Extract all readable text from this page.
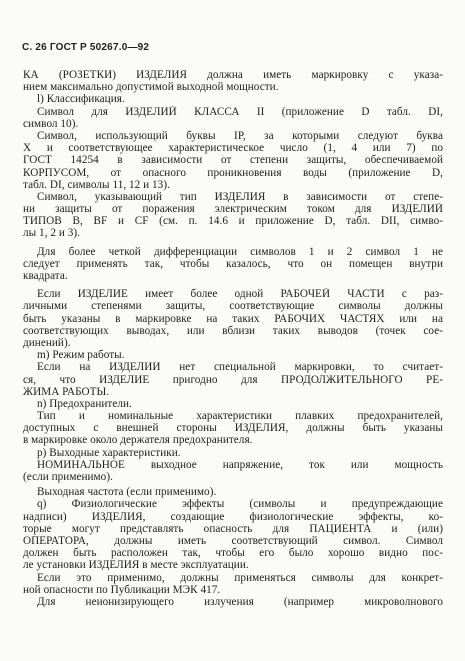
С. 26 ГОСТ Р 50267.0—92
КА (РОЗЕТКИ) ИЗДЕЛИЯ должна иметь маркировку с указа-
нием максимально допустимой выходной мощности.
l) Классификация.
Символ для ИЗДЕЛИЙ КЛАССА II (приложение D табл. DI,
символ 10).
Символ, использующий буквы IP, за которыми следуют буква
X и соответствующее характеристическое число (1, 4 или 7) по
ГОСТ 14254 в зависимости от степени защиты, обеспечиваемой
КОРПУСОМ, от опасного проникновения воды (приложение D,
табл. DI, символы 11, 12 и 13).
Символ, указывающий тип ИЗДЕЛИЯ в зависимости от степе-
ни защиты от поражения электрическим током для ИЗДЕЛИЙ
ТИПОВ B, BF и CF (см. п. 14.6 и приложение D, табл. DII, симво-
лы 1, 2 и 3).
Для более четкой дифференциации символов 1 и 2 символ 1 не
следует применять так, чтобы казалось, что он помещен внутри
квадрата.
Если ИЗДЕЛИЕ имеет более одной РАБОЧЕЙ ЧАСТИ с раз-
личными степенями защиты, соответствующие символы должны
быть указаны в маркировке на таких РАБОЧИХ ЧАСТЯХ или на
соответствующих выводах, или вблизи таких выводов (точек сое-
динений).
m) Режим работы.
Если на ИЗДЕЛИИ нет специальной маркировки, то считает-
ся, что ИЗДЕЛИЕ пригодно для ПРОДОЛЖИТЕЛЬНОГО РЕ-
ЖИМА РАБОТЫ.
n) Предохранители.
Тип и номинальные характеристики плавких предохранителей,
доступных с внешней стороны ИЗДЕЛИЯ, должны быть указаны
в маркировке около держателя предохранителя.
p) Выходные характеристики.
НОМИНАЛЬНОЕ выходное напряжение, ток или мощность
(если применимо).
Выходная частота (если применимо).
q) Физиологические эффекты (символы и предупреждающие
надписи) ИЗДЕЛИЯ, создающие физиологические эффекты, ко-
торые могут представлять опасность для ПАЦИЕНТА и (или)
ОПЕРАТОРА, должны иметь соответствующий символ. Символ
должен быть расположен так, чтобы его было хорошо видно пос-
ле установки ИЗДЕЛИЯ в месте эксплуатации.
Если это применимо, должны применяться символы для конкрет-
ной опасности по Публикации МЭК 417.
Для неионизирующего излучения (например микроволнового
